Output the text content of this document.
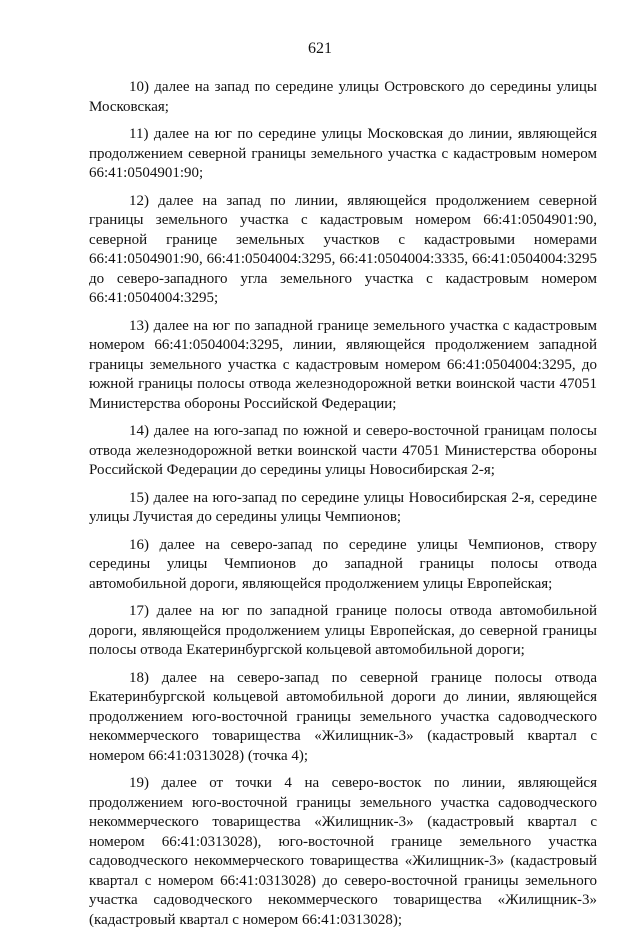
621

10) далее на запад по середине улицы Островского до середины улицы Московская;

11) далее на юг по середине улицы Московская до линии, являющейся продолжением северной границы земельного участка с кадастровым номером 66:41:0504901:90;

12) далее на запад по линии, являющейся продолжением северной границы земельного участка с кадастровым номером 66:41:0504901:90, северной границе земельных участков с кадастровыми номерами 66:41:0504901:90, 66:41:0504004:3295, 66:41:0504004:3335, 66:41:0504004:3295 до северо-западного угла земельного участка с кадастровым номером 66:41:0504004:3295;

13) далее на юг по западной границе земельного участка с кадастровым номером 66:41:0504004:3295, линии, являющейся продолжением западной границы земельного участка с кадастровым номером 66:41:0504004:3295, до южной границы полосы отвода железнодорожной ветки воинской части 47051 Министерства обороны Российской Федерации;

14) далее на юго-запад по южной и северо-восточной границам полосы отвода железнодорожной ветки воинской части 47051 Министерства обороны Российской Федерации до середины улицы Новосибирская 2-я;

15) далее на юго-запад по середине улицы Новосибирская 2-я, середине улицы Лучистая до середины улицы Чемпионов;

16) далее на северо-запад по середине улицы Чемпионов, створу середины улицы Чемпионов до западной границы полосы отвода автомобильной дороги, являющейся продолжением улицы Европейская;

17) далее на юг по западной границе полосы отвода автомобильной дороги, являющейся продолжением улицы Европейская, до северной границы полосы отвода Екатеринбургской кольцевой автомобильной дороги;

18) далее на северо-запад по северной границе полосы отвода Екатеринбургской кольцевой автомобильной дороги до линии, являющейся продолжением юго-восточной границы земельного участка садоводческого некоммерческого товарищества «Жилищник-3» (кадастровый квартал с номером 66:41:0313028) (точка 4);

19) далее от точки 4 на северо-восток по линии, являющейся продолжением юго-восточной границы земельного участка садоводческого некоммерческого товарищества «Жилищник-3» (кадастровый квартал с номером 66:41:0313028), юго-восточной границе земельного участка садоводческого некоммерческого товарищества «Жилищник-3» (кадастровый квартал с номером 66:41:0313028) до северо-восточной границы земельного участка садоводческого некоммерческого товарищества «Жилищник-3» (кадастровый квартал с номером 66:41:0313028);
